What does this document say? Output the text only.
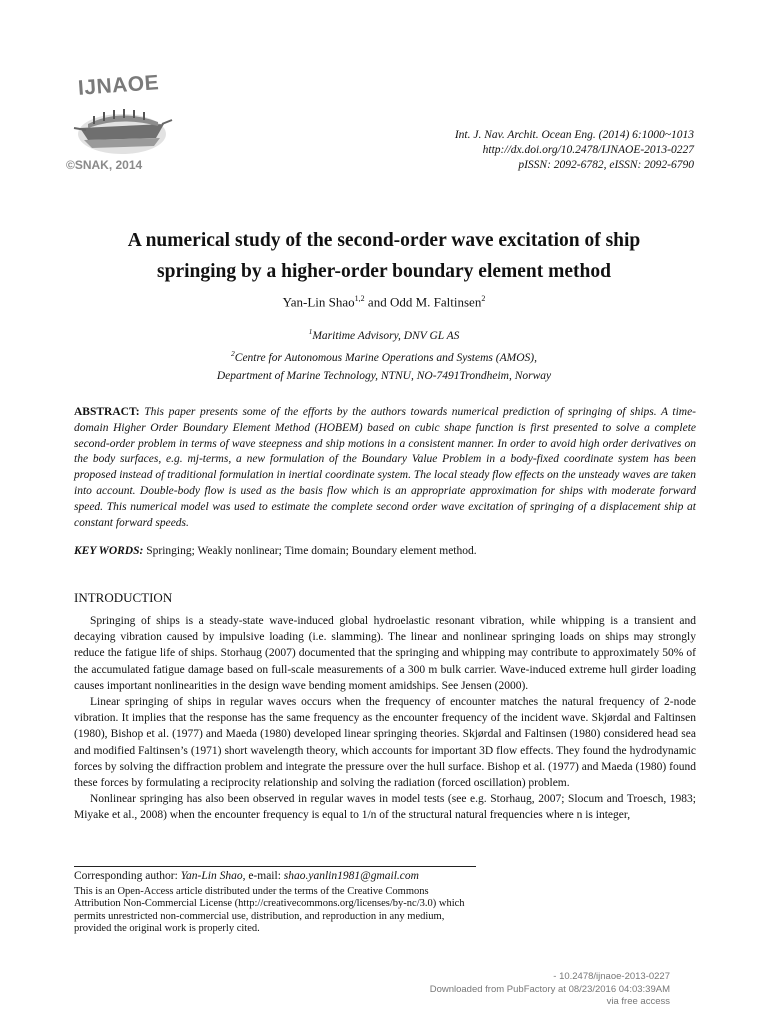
IJNAOE
©SNAK, 2014
Int. J. Nav. Archit. Ocean Eng. (2014) 6:1000~1013
http://dx.doi.org/10.2478/IJNAOE-2013-0227
pISSN: 2092-6782, eISSN: 2092-6790
A numerical study of the second-order wave excitation of ship
springing by a higher-order boundary element method
Yan-Lin Shao$^{1,2}$ and Odd M. Faltinsen$^2$
$^1$Maritime Advisory, DNV GL AS
$^2$Centre for Autonomous Marine Operations and Systems (AMOS),
Department of Marine Technology, NTNU, NO-7491Trondheim, Norway
ABSTRACT: This paper presents some of the efforts by the authors towards numerical prediction of springing of ships. A time-domain Higher Order Boundary Element Method (HOBEM) based on cubic shape function is first presented to solve a complete second-order problem in terms of wave steepness and ship motions in a consistent manner. In order to avoid high order derivatives on the body surfaces, e.g. mj-terms, a new formulation of the Boundary Value Problem in a body-fixed coordinate system has been proposed instead of traditional formulation in inertial coordinate system. The local steady flow effects on the unsteady waves are taken into account. Double-body flow is used as the basis flow which is an appropriate approximation for ships with moderate forward speed. This numerical model was used to estimate the complete second order wave excitation of springing of a displacement ship at constant forward speeds.
KEY WORDS: Springing; Weakly nonlinear; Time domain; Boundary element method.
INTRODUCTION

Springing of ships is a steady-state wave-induced global hydroelastic resonant vibration, while whipping is a transient and decaying vibration caused by impulsive loading (i.e. slamming). The linear and nonlinear springing loads on ships may strongly reduce the fatigue life of ships. Storhaug (2007) documented that the springing and whipping may contribute to approximately 50% of the accumulated fatigue damage based on full-scale measurements of a 300 m bulk carrier. Wave-induced extreme hull girder loading causes important nonlinearities in the design wave bending moment amidships. See Jensen (2000).

Linear springing of ships in regular waves occurs when the frequency of encounter matches the natural frequency of 2-node vibration. It implies that the response has the same frequency as the encounter frequency of the incident wave. Skjørdal and Faltinsen (1980), Bishop et al. (1977) and Maeda (1980) developed linear springing theories. Skjørdal and Faltinsen (1980) considered head sea and modified Faltinsen’s (1971) short wavelength theory, which accounts for important 3D flow effects. They found the hydrodynamic forces by solving the diffraction problem and integrate the pressure over the hull surface. Bishop et al. (1977) and Maeda (1980) found these forces by formulating a reciprocity relationship and solving the radiation (forced oscillation) problem.

Nonlinear springing has also been observed in regular waves in model tests (see e.g. Storhaug, 2007; Slocum and Troesch, 1983; Miyake et al., 2008) when the encounter frequency is equal to 1/n of the structural natural frequencies where n is integer,

Corresponding author: Yan-Lin Shao, e-mail: shao.yanlin1981@gmail.com
This is an Open-Access article distributed under the terms of the Creative Commons Attribution Non-Commercial License (http://creativecommons.org/licenses/by-nc/3.0) which permits unrestricted non-commercial use, distribution, and reproduction in any medium, provided the original work is properly cited.
- 10.2478/ijnaoe-2013-0227
Downloaded from PubFactory at 08/23/2016 04:03:39AM
via free access
